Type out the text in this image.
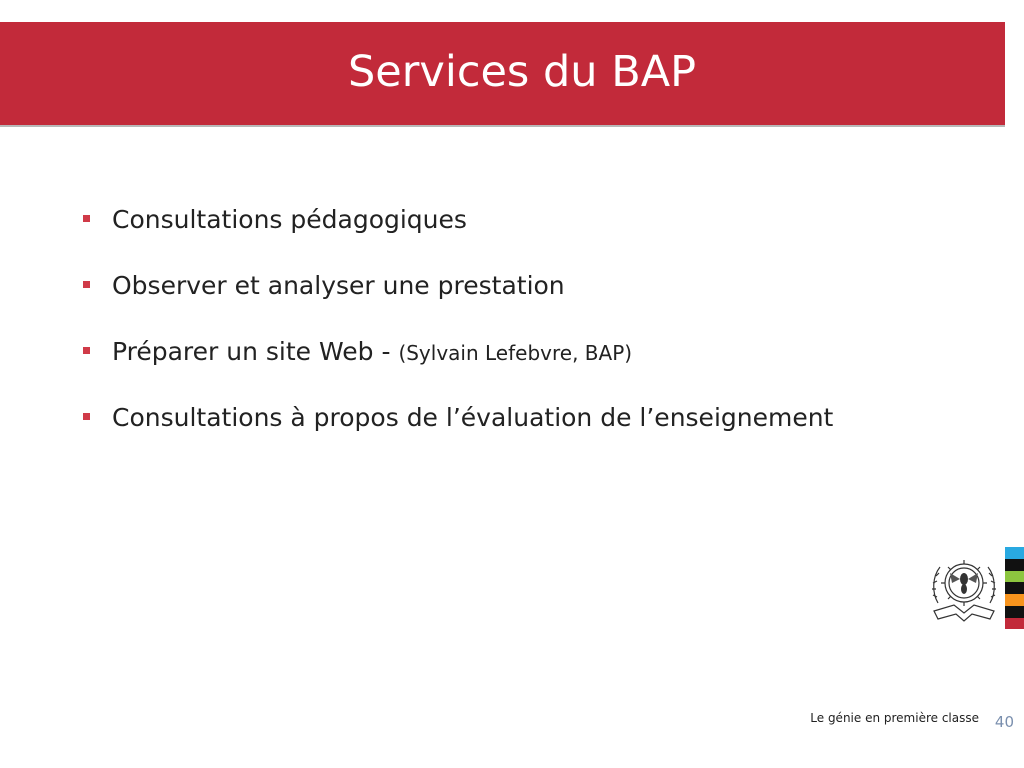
Services du BAP
Consultations pédagogiques
Observer et analyser une prestation
Préparer un site Web - (Sylvain Lefebvre, BAP)
Consultations à propos de l’évaluation de l’enseignement
Le génie en première classe 40
